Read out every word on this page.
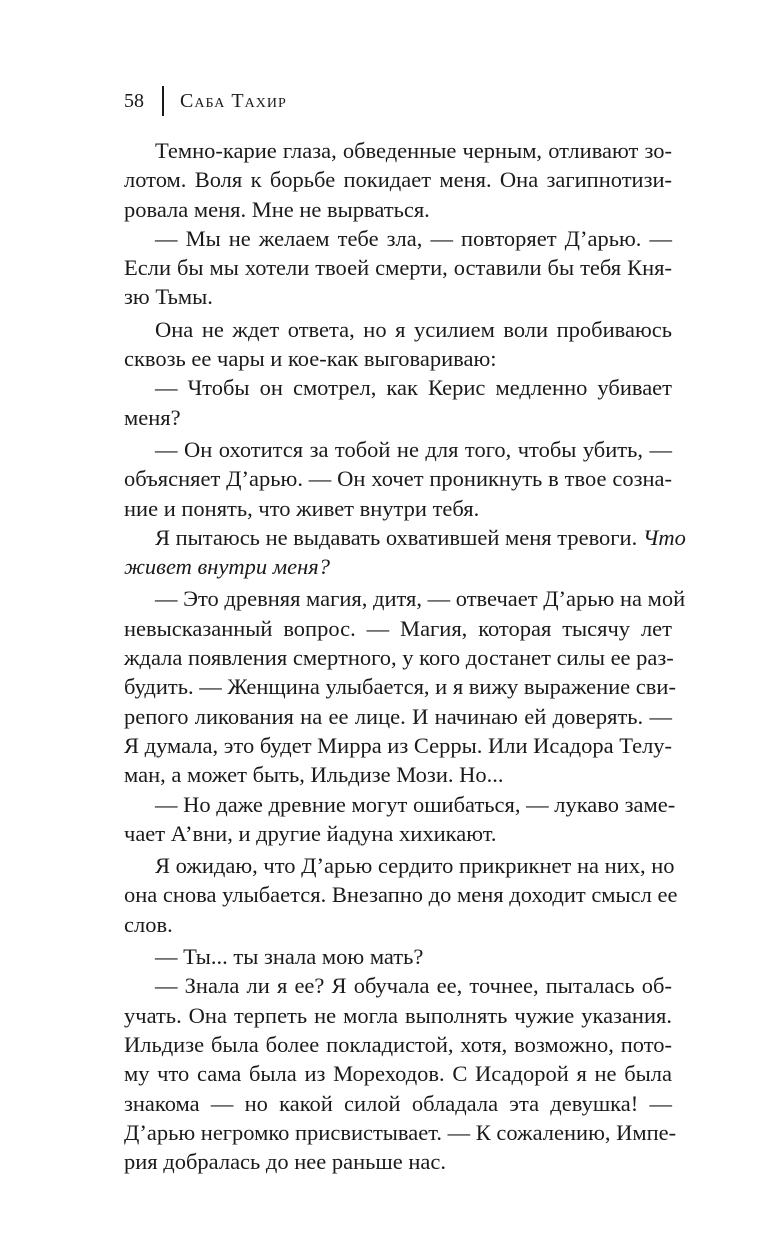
58 Саба Тахир
Темно-карие глаза, обведенные черным, отливают зо-
лотом. Воля к борьбе покидает меня. Она загипнотизи-
ровала меня. Мне не вырваться.
— Мы не желаем тебе зла, — повторяет Д’арью. —
Если бы мы хотели твоей смерти, оставили бы тебя Кня-
зю Тьмы.
Она не ждет ответа, но я усилием воли пробиваюсь
сквозь ее чары и кое-как выговариваю:
— Чтобы он смотрел, как Керис медленно убивает
меня?
— Он охотится за тобой не для того, чтобы убить, —
объясняет Д’арью. — Он хочет проникнуть в твое созна-
ние и понять, что живет внутри тебя.
Я пытаюсь не выдавать охватившей меня тревоги. Что
живет внутри меня?
— Это древняя магия, дитя, — отвечает Д’арью на мой
невысказанный вопрос. — Магия, которая тысячу лет
ждала появления смертного, у кого достанет силы ее раз-
будить. — Женщина улыбается, и я вижу выражение сви-
репого ликования на ее лице. И начинаю ей доверять. —
Я думала, это будет Мирра из Серры. Или Исадора Телу-
ман, а может быть, Ильдизе Мози. Но...
— Но даже древние могут ошибаться, — лукаво заме-
чает А’вни, и другие йадуна хихикают.
Я ожидаю, что Д’арью сердито прикрикнет на них, но
она снова улыбается. Внезапно до меня доходит смысл ее
слов.
— Ты... ты знала мою мать?
— Знала ли я ее? Я обучала ее, точнее, пыталась об-
учать. Она терпеть не могла выполнять чужие указания.
Ильдизе была более покладистой, хотя, возможно, пото-
му что сама была из Мореходов. С Исадорой я не была
знакома — но какой силой обладала эта девушка! —
Д’арью негромко присвистывает. — К сожалению, Импе-
рия добралась до нее раньше нас.
